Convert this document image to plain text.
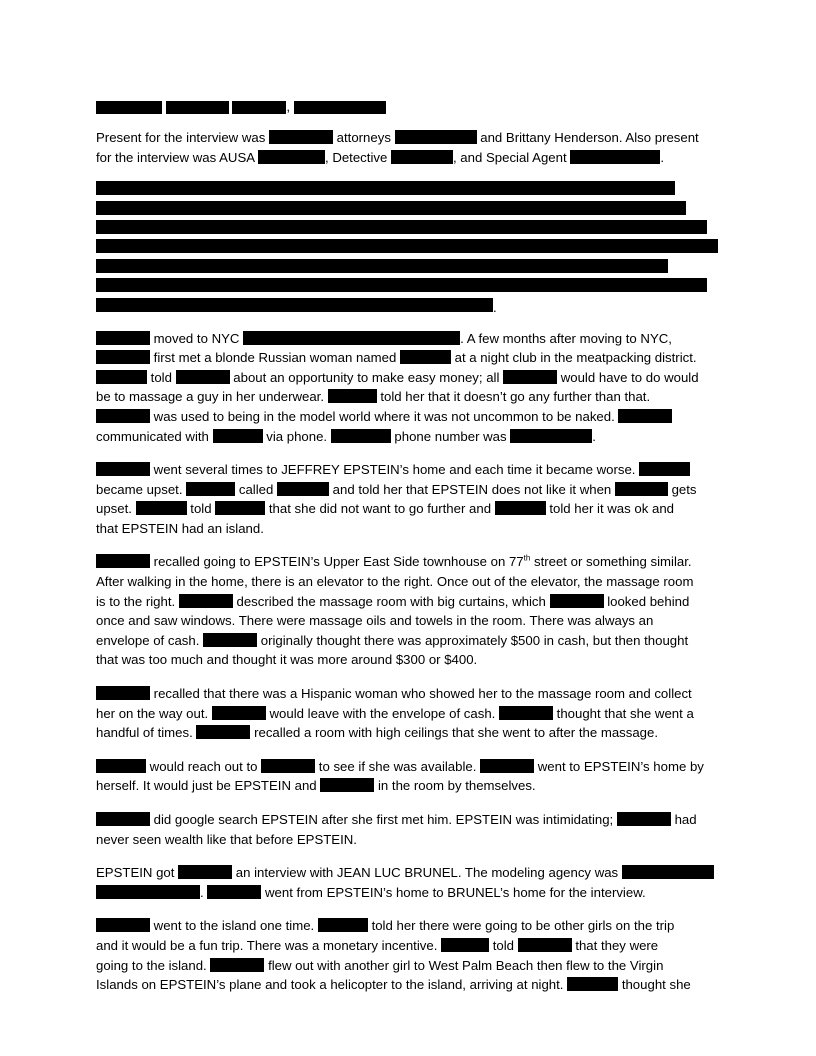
,
Present for the interview was	attorneys	and Brittany Henderson. Also present
for the interview was AUSA	, Detective	, and Special Agent	.
.
moved to NYC	. A few months after moving to NYC,
first met a blonde Russian woman named	at a night club in the meatpacking district.
told	about an opportunity to make easy money; all	would have to do would
be to massage a guy in her underwear.	told her that it doesn’t go any further than that.
was used to being in the model world where it was not uncommon to be naked.
communicated with	via phone.	phone number was	.
went several times to JEFFREY EPSTEIN’s home and each time it became worse.
became upset.	called	and told her that EPSTEIN does not like it when	gets
upset.	told	that she did not want to go further and	told her it was ok and
that EPSTEIN had an island.
recalled going to EPSTEIN’s Upper East Side townhouse on 77th street or something similar.
After walking in the home, there is an elevator to the right. Once out of the elevator, the massage room
is to the right.	described the massage room with big curtains, which	looked behind
once and saw windows. There were massage oils and towels in the room. There was always an
envelope of cash.	originally thought there was approximately $500 in cash, but then thought
that was too much and thought it was more around $300 or $400.
recalled that there was a Hispanic woman who showed her to the massage room and collect
her on the way out.	would leave with the envelope of cash.	thought that she went a
handful of times.	recalled a room with high ceilings that she went to after the massage.
would reach out to	to see if she was available.	went to EPSTEIN’s home by
herself. It would just be EPSTEIN and	in the room by themselves.
did google search EPSTEIN after she first met him. EPSTEIN was intimidating;	had
never seen wealth like that before EPSTEIN.
EPSTEIN got	an interview with JEAN LUC BRUNEL. The modeling agency was
.	went from EPSTEIN’s home to BRUNEL’s home for the interview.
went to the island one time.	told her there were going to be other girls on the trip
and it would be a fun trip. There was a monetary incentive.	told	that they were
going to the island.	flew out with another girl to West Palm Beach then flew to the Virgin
Islands on EPSTEIN’s plane and took a helicopter to the island, arriving at night.	thought she
